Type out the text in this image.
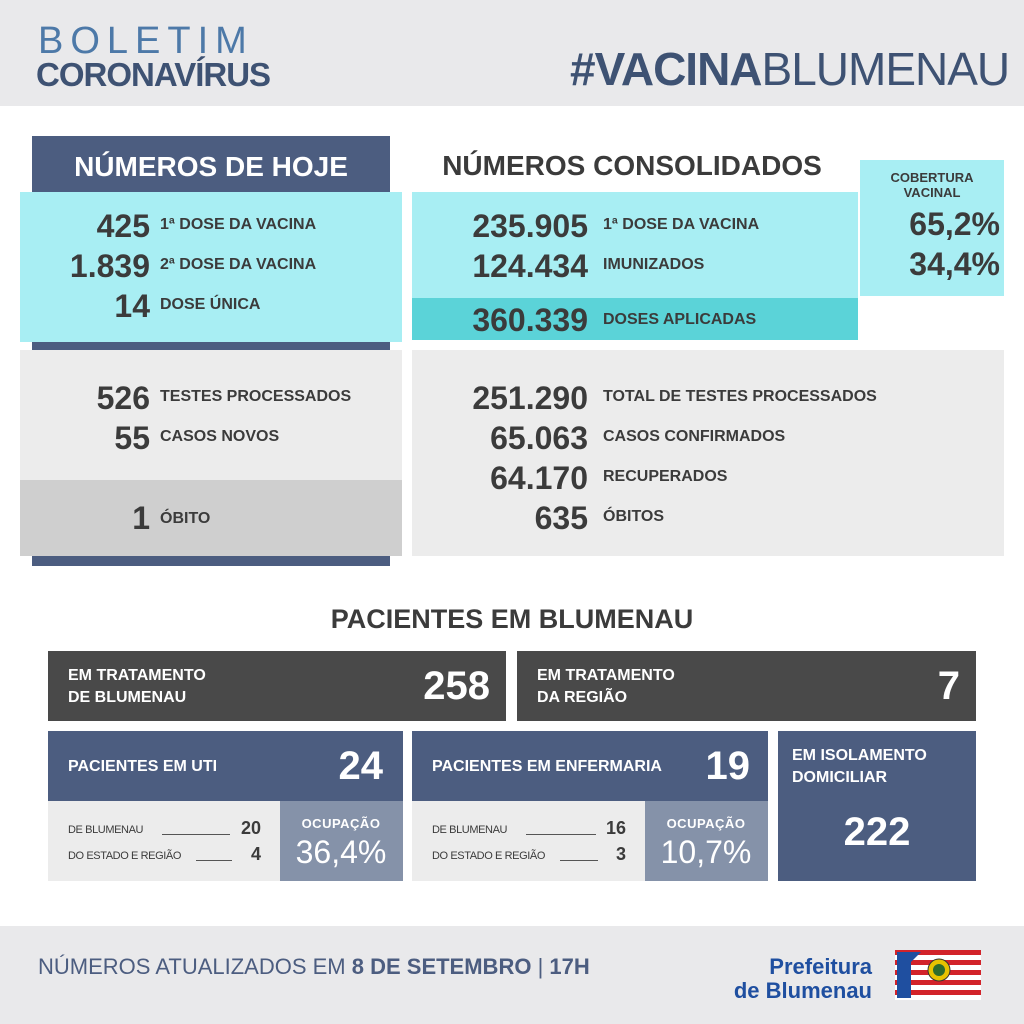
BOLETIM
CORONAVÍRUS	#VACINABLUMENAU
NÚMEROS DE HOJE
425 1ª DOSE DA VACINA
1.839 2ª DOSE DA VACINA
14 DOSE ÚNICA
526 TESTES PROCESSADOS
55 CASOS NOVOS
1 ÓBITO
NÚMEROS CONSOLIDADOS
235.905 1ª DOSE DA VACINA
124.434 IMUNIZADOS
360.339 DOSES APLICADAS
COBERTURA
VACINAL
65,2%
34,4%
251.290 TOTAL DE TESTES PROCESSADOS
65.063 CASOS CONFIRMADOS
64.170 RECUPERADOS
635 ÓBITOS
PACIENTES EM BLUMENAU
EM TRATAMENTO
DE BLUMENAU	258	EM TRATAMENTO
DA REGIÃO	7
PACIENTES EM UTI	24
DE BLUMENAU	20
DO ESTADO E REGIÃO	4
OCUPAÇÃO
36,4%
PACIENTES EM ENFERMARIA	19
DE BLUMENAU	16
DO ESTADO E REGIÃO	3
OCUPAÇÃO
10,7%
EM ISOLAMENTO
DOMICILIAR
222
NÚMEROS ATUALIZADOS EM 8 DE SETEMBRO | 17H	Prefeitura
de Blumenau
